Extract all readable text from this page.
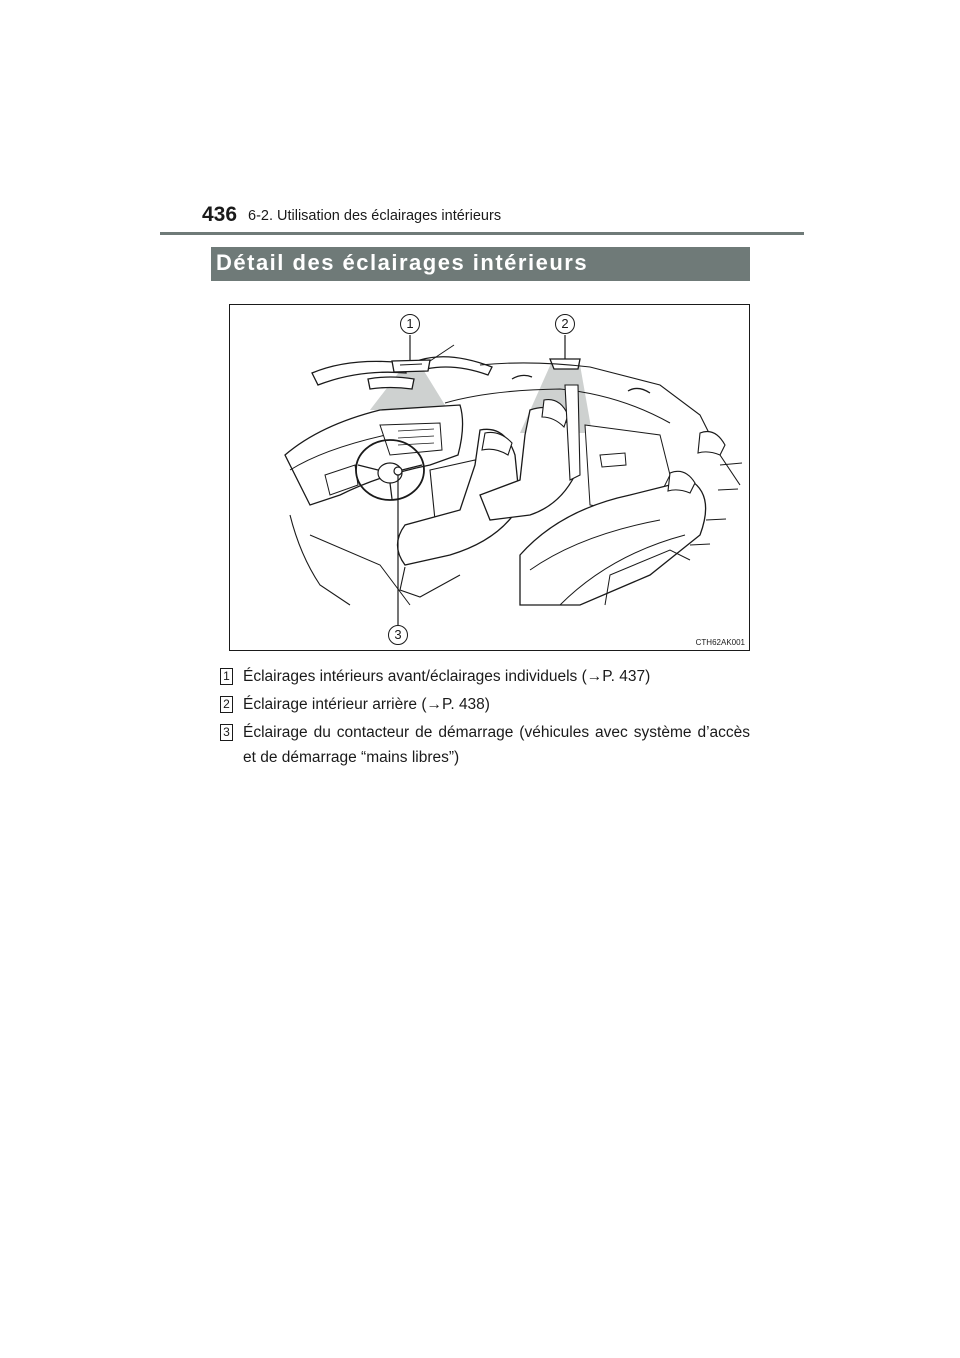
436 6-2. Utilisation des éclairages intérieurs
Détail des éclairages intérieurs
1	2
3
CTH62AK001
1 Éclairages intérieurs avant/éclairages individuels (→P. 437)
2 Éclairage intérieur arrière (→P. 438)
3 Éclairage du contacteur de démarrage (véhicules avec système d’accès et de démarrage “mains libres”)
